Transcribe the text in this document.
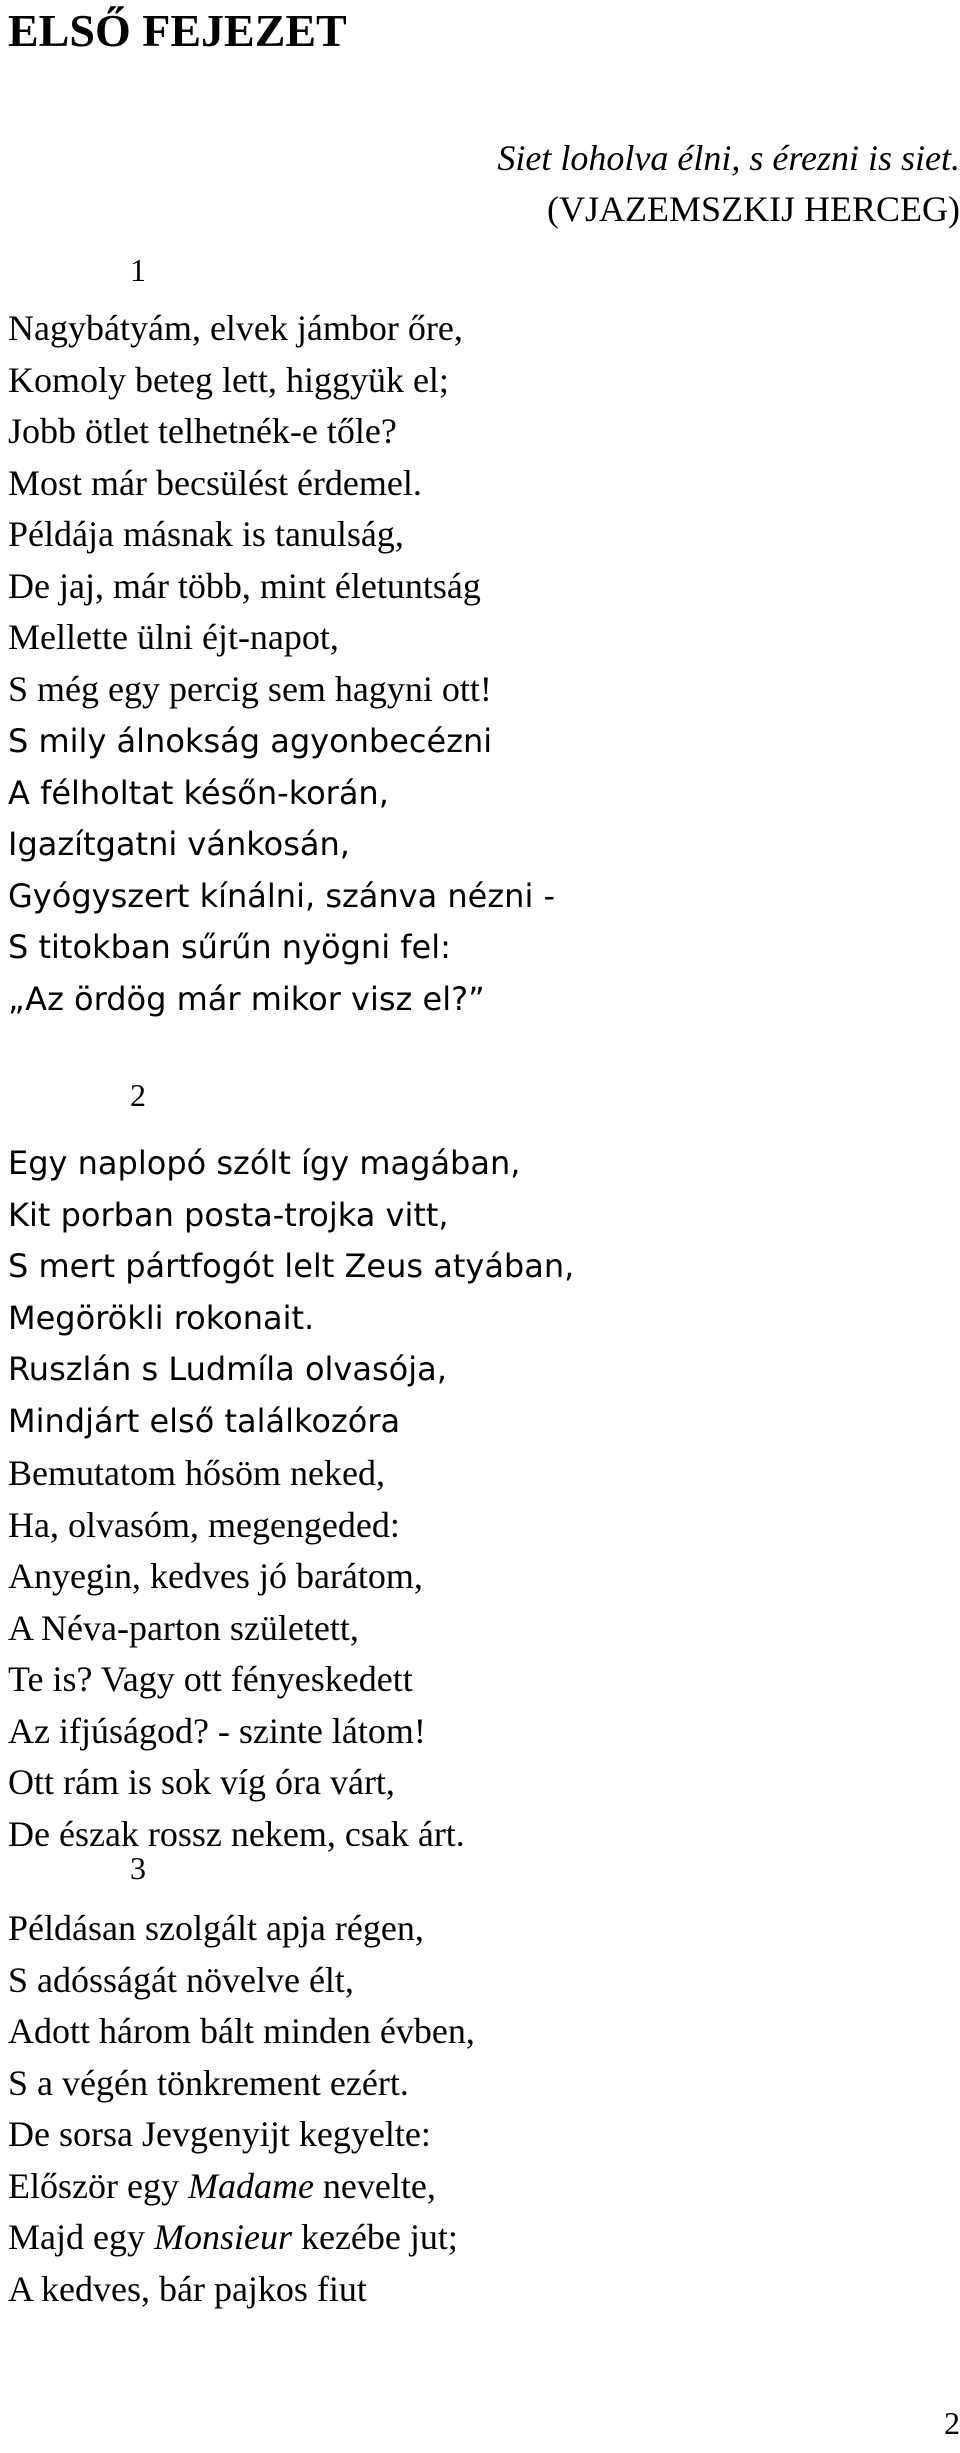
ELSŐ FEJEZET
Siet loholva élni, s érezni is siet.
(VJAZEMSZKIJ HERCEG)
1
Nagybátyám, elvek jámbor őre,
Komoly beteg lett, higgyük el;
Jobb ötlet telhetnék-e tőle?
Most már becsülést érdemel.
Példája másnak is tanulság,
De jaj, már több, mint életuntság
Mellette ülni éjt-napot,
S még egy percig sem hagyni ott!
S mily álnokság agyonbecézni
A félholtat későn-korán,
Igazítgatni vánkosán,
Gyógyszert kínálni, szánva nézni -
S titokban sűrűn nyögni fel:
„Az ördög már mikor visz el?”
2
Egy naplopó szólt így magában,
Kit porban posta-trojka vitt,
S mert pártfogót lelt Zeus atyában,
Megörökli rokonait.
Ruszlán s Ludmíla olvasója,
Mindjárt első találkozóra
Bemutatom hősöm neked,
Ha, olvasóm, megengeded:
Anyegin, kedves jó barátom,
A Néva-parton született,
Te is? Vagy ott fényeskedett
Az ifjúságod? - szinte látom!
Ott rám is sok víg óra várt,
De észak rossz nekem, csak árt.
3
Példásan szolgált apja régen,
S adósságát növelve élt,
Adott három bált minden évben,
S a végén tönkrement ezért.
De sorsa Jevgenyijt kegyelte:
Először egy Madame nevelte,
Majd egy Monsieur kezébe jut;
A kedves, bár pajkos fiut
2
